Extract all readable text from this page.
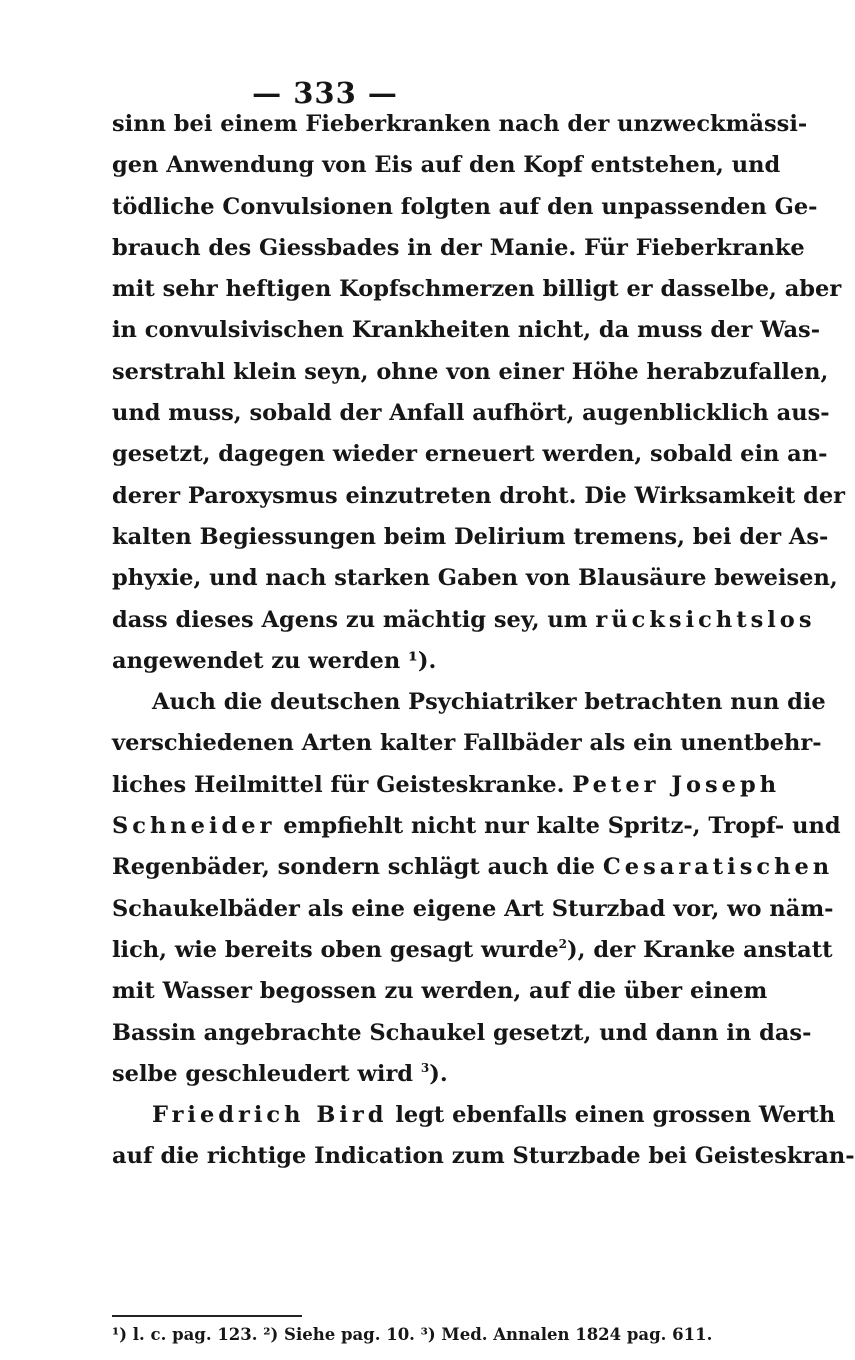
— 333 —
sinn bei einem Fieberkranken nach der unzweckmässi-
gen Anwendung von Eis auf den Kopf entstehen, und
tödliche Convulsionen folgten auf den unpassenden Ge-
brauch des Giessbades in der Manie. Für Fieberkranke
mit sehr heftigen Kopfschmerzen billigt er dasselbe, aber
in convulsivischen Krankheiten nicht, da muss der Was-
serstrahl klein seyn, ohne von einer Höhe herabzufallen,
und muss, sobald der Anfall aufhört, augenblicklich aus-
gesetzt, dagegen wieder erneuert werden, sobald ein an-
derer Paroxysmus einzutreten droht. Die Wirksamkeit der
kalten Begiessungen beim Delirium tremens, bei der As-
phyxie, und nach starken Gaben von Blausäure beweisen,
dass dieses Agens zu mächtig sey, um rücksichtslos
angewendet zu werden ¹).
Auch die deutschen Psychiatriker betrachten nun die
verschiedenen Arten kalter Fallbäder als ein unentbehr-
liches Heilmittel für Geisteskranke. Peter Joseph
Schneider empfiehlt nicht nur kalte Spritz-, Tropf- und
Regenbäder, sondern schlägt auch die Cesaratischen
Schaukelbäder als eine eigene Art Sturzbad vor, wo näm-
lich, wie bereits oben gesagt wurde$^2$), der Kranke anstatt
mit Wasser begossen zu werden, auf die über einem
Bassin angebrachte Schaukel gesetzt, und dann in das-
selbe geschleudert wird $^3$).
Friedrich Bird legt ebenfalls einen grossen Werth
auf die richtige Indication zum Sturzbade bei Geisteskran-
¹) l. c. pag. 123. ²) Siehe pag. 10. ³) Med. Annalen 1824 pag. 611.
